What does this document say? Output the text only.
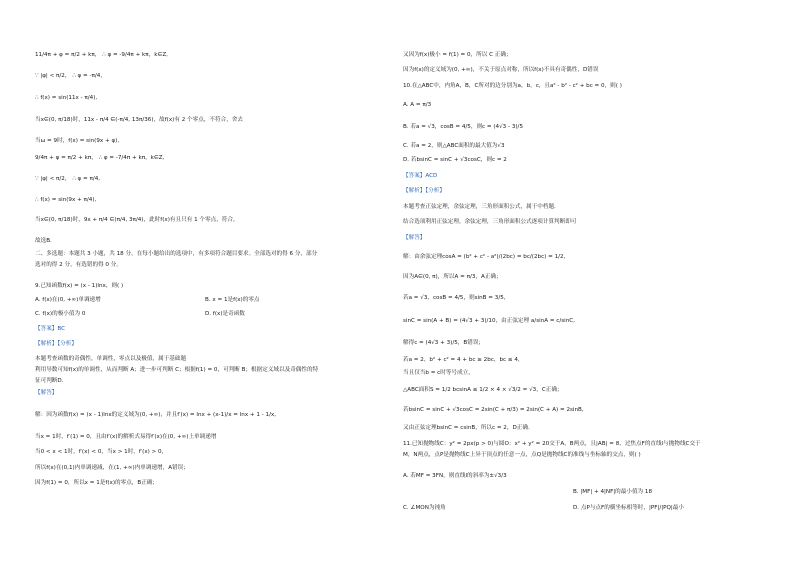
11/4π + φ = π/2 + kπ， ∴ φ = -9/4π + kπ，k∈Z,
∵ |φ| < π/2， ∴ φ = -π/4,
∴ f(x) = sin(11x - π/4),
当x∈(0, π/18)时，11x - π/4 ∈(-π/4, 13π/36)，故f(x)有 2 个零点，不符合，舍去
当ω = 9时，f(x) = sin(9x + φ),
9/4π + φ = π/2 + kπ， ∴ φ = -7/4π + kπ，k∈Z,
∵ |φ| < π/2， ∴ φ = π/4,
∴ f(x) = sin(9x + π/4),
当x∈(0, π/18)时，9x + π/4 ∈(π/4, 3π/4)，此时f(x)有且只有 1 个零点，符合，
故选B.
二、多选题：本题共 3 小题，共 18 分。在每小题给出的选项中，有多项符合题目要求。全部选对的得 6 分，部分
选对的得 2 分，有选错的得 0 分。
9.已知函数f(x) = (x - 1)lnx，则( )
本题考查函数的奇偶性，单调性，零点以及极值，属于基础题
利用导数可知f(x)的单调性，从而判断 A；进一步可判断 C；根据f(1) = 0，可判断 B；根据定义域以及奇偶性的特
征可判断D.
【解答】
解：因为函数f(x) = (x - 1)lnx的定义域为(0, +∞)，并且f′(x) = lnx + (x-1)/x = lnx + 1 - 1/x,
当x = 1时，f′(1) = 0，且由f′(x)的解析式易得f′(x)在(0, +∞)上单调递增
当0 < x < 1时，f′(x) < 0，当x > 1时，f′(x) > 0,
所以f(x)在(0,1)内单调递减，在(1, +∞)内单调递增，A错误；
因为f(1) = 0，所以x = 1是f(x)的零点，B正确；
又因为f(x)极小 = f(1) = 0，所以 C 正确；
因为f(x)的定义域为(0, +∞)，不关于原点对称，所以f(x)不具有奇偶性，D错误
10.在△ABC中，内角A，B，C所对的边分别为a，b，c，且a² - b² - c² + bc = 0，则( )
A. A = π/3
B. 若a = √3，cosB = 4/5，则c = (4√3 - 3)/5
C. 若a = 2，则△ABC面积的最大值为√3
D. 若bsinC = sinC + √3cosC，则c = 2
本题考查正弦定理，余弦定理，三角形面积公式，属于中档题.
结合选项利用正弦定理，余弦定理，三角形面积公式逐项计算判断即可
【解答】
解：由余弦定理cosA = (b² + c² - a²)/(2bc) = bc/(2bc) = 1/2,
因为A∈(0, π)，所以A = π/3，A正确；
若a = √3，cosB = 4/5，则sinB = 3/5,
sinC = sin(A + B) = (4√3 + 3)/10，由正弦定理 a/sinA = c/sinC,
解得c = (4√3 + 3)/5，B错误；
若a = 2，b² + c² = 4 + bc ≥ 2bc，bc ≤ 4,
当且仅当b = c时等号成立，
△ABC面积S = 1/2 bcsinA ≤ 1/2 × 4 × √3/2 = √3，C正确；
若bsinC = sinC + √3cosC = 2sin(C + π/3) = 2sin(C + A) = 2sinB,
又由正弦定理bsinC = csinB，所以c = 2，D正确.
11.已知抛物线C：y² = 2px(p > 0)与圆O：x² + y² = 20交于A，B两点，且|AB| = 8，过焦点F的直线l与抛物线C交于
M，N两点，点P是抛物线C上异于顶点的任意一点，点Q是抛物线C的准线与坐标轴的交点，则( )
A. 若MF = 3FN，则直线l的斜率为±√3/3
A. f(x)在(0, +∞)单调递增	B. x = 1是f(x)的零点
C. f(x)的极小值为 0	D. f(x)是奇函数
【答案】BC
【解析】【分析】
【答案】ACD
【解析】【分析】
B. |MF| + 4|NF|的最小值为 18
C. ∠MON为钝角	D. 点P与点F的横坐标相等时，|PF|/|PQ|最小
